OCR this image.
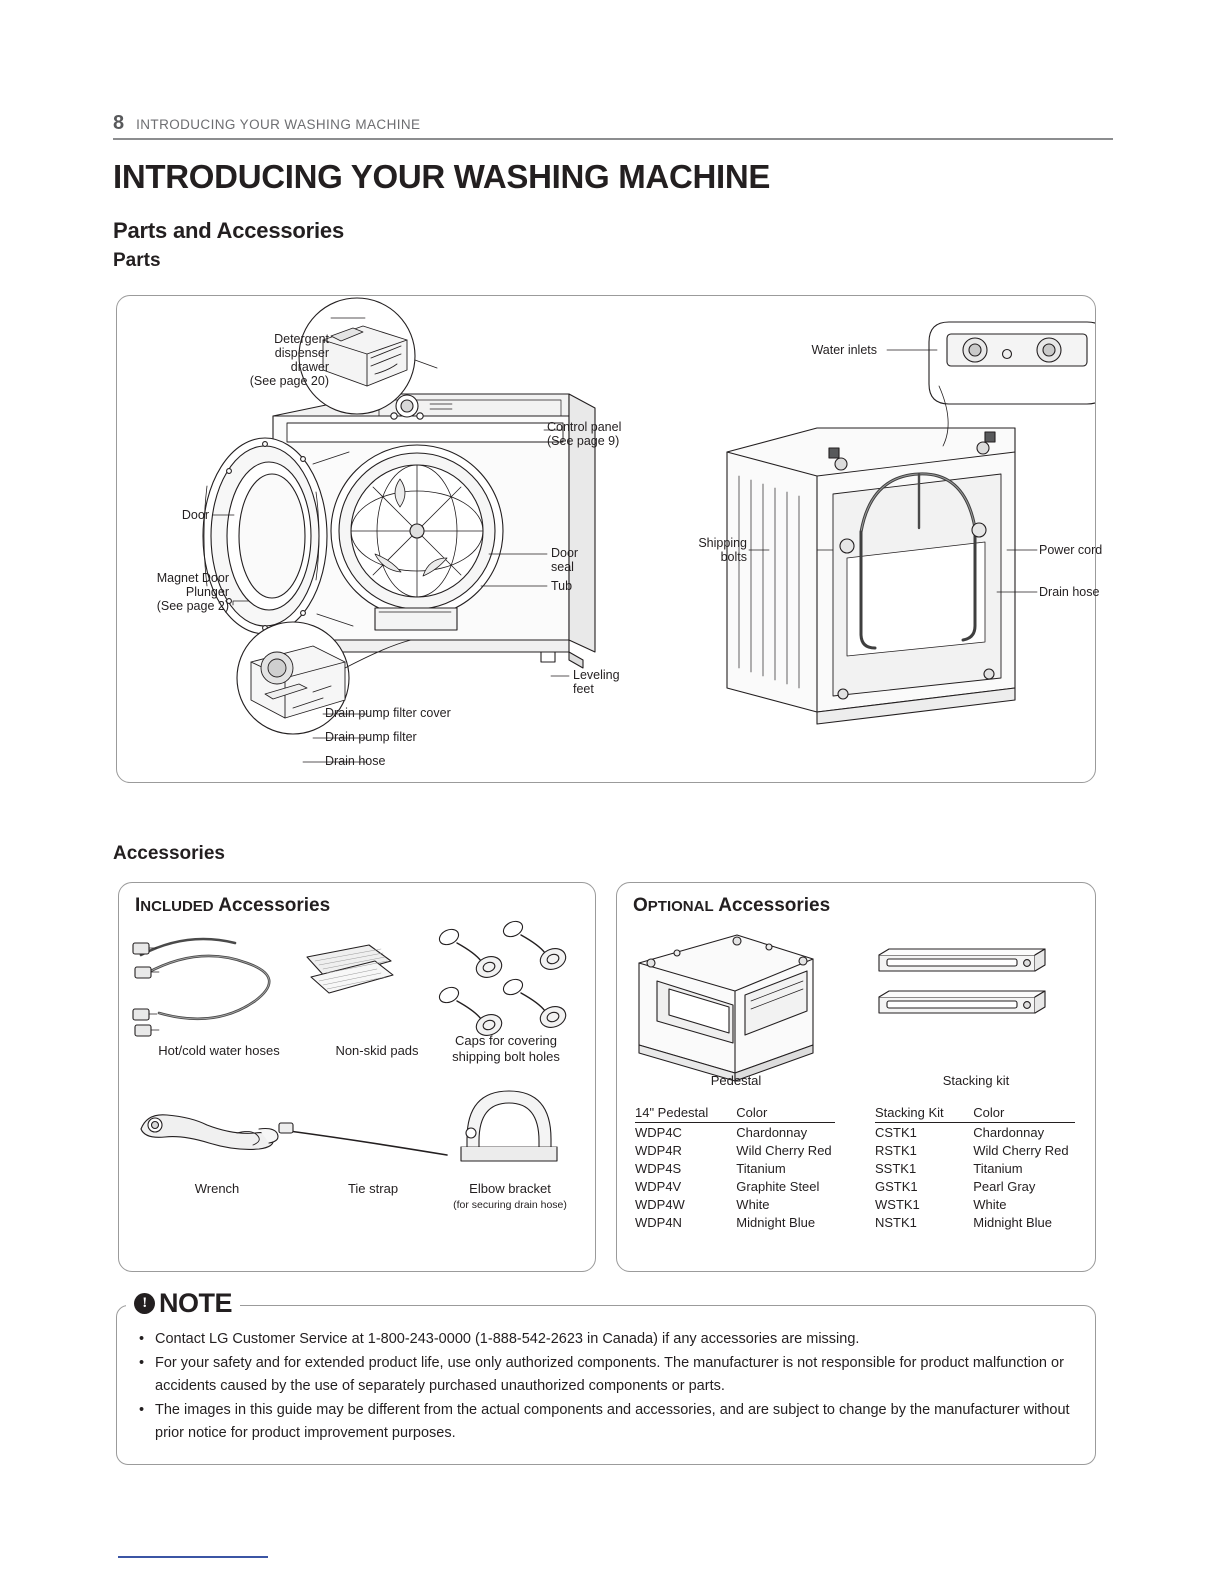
8 INTRODUCING YOUR WASHING MACHINE
INTRODUCING YOUR WASHING MACHINE
Parts and Accessories
Parts
Detergent
dispenser
drawer
(See page 20)
Control panel
(See page 9)
Door
Magnet Door
Plunger
(See page 2)
Door
seal
Tub
Leveling
feet
Drain pump filter cover
Drain pump filter
Drain hose
Water inlets
Shipping
bolts	Power cord
Drain hose
Accessories
INCLUDED Accessories
Hot/cold water hoses	Non-skid pads
Caps for covering
shipping bolt holes
Wrench	Tie strap	Elbow bracket
(for securing drain hose)
OPTIONAL Accessories
Pedestal	Stacking kit
14" Pedestal	Color
WDP4C	Chardonnay
WDP4R	Wild Cherry Red
WDP4S	Titanium
WDP4V	Graphite Steel
WDP4W	White
WDP4N	Midnight Blue
Stacking Kit	Color
CSTK1	Chardonnay
RSTK1	Wild Cherry Red
SSTK1	Titanium
GSTK1	Pearl Gray
WSTK1	White
NSTK1	Midnight Blue
• Contact LG Customer Service at 1-800-243-0000 (1-888-542-2623 in Canada) if any accessories are missing.
• For your safety and for extended product life, use only authorized components. The manufacturer is not responsible for product malfunction or accidents caused by the use of separately purchased unauthorized components or parts.
• The images in this guide may be different from the actual components and accessories, and are subject to change by the manufacturer without prior notice for product improvement purposes.
! NOTE
